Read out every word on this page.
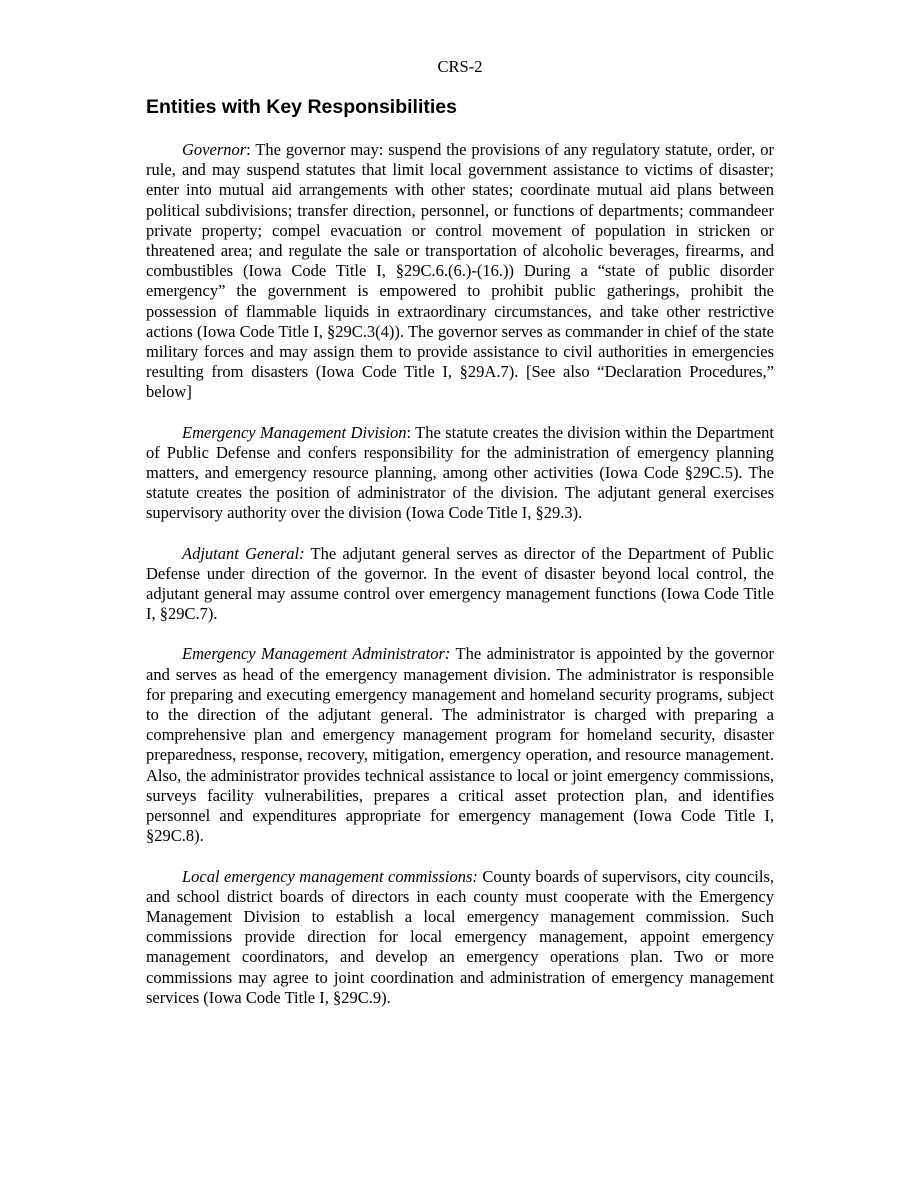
CRS-2
Entities with Key Responsibilities

Governor: The governor may: suspend the provisions of any regulatory statute, order, or rule, and may suspend statutes that limit local government assistance to victims of disaster; enter into mutual aid arrangements with other states; coordinate mutual aid plans between political subdivisions; transfer direction, personnel, or functions of departments; commandeer private property; compel evacuation or control movement of population in stricken or threatened area; and regulate the sale or transportation of alcoholic beverages, firearms, and combustibles (Iowa Code Title I, §29C.6.(6.)-(16.)) During a “state of public disorder emergency” the government is empowered to prohibit public gatherings, prohibit the possession of flammable liquids in extraordinary circumstances, and take other restrictive actions (Iowa Code Title I, §29C.3(4)). The governor serves as commander in chief of the state military forces and may assign them to provide assistance to civil authorities in emergencies resulting from disasters (Iowa Code Title I, §29A.7). [See also “Declaration Procedures,” below]

Emergency Management Division: The statute creates the division within the Department of Public Defense and confers responsibility for the administration of emergency planning matters, and emergency resource planning, among other activities (Iowa Code §29C.5). The statute creates the position of administrator of the division. The adjutant general exercises supervisory authority over the division (Iowa Code Title I, §29.3).

Adjutant General: The adjutant general serves as director of the Department of Public Defense under direction of the governor. In the event of disaster beyond local control, the adjutant general may assume control over emergency management functions (Iowa Code Title I, §29C.7).

Emergency Management Administrator: The administrator is appointed by the governor and serves as head of the emergency management division. The administrator is responsible for preparing and executing emergency management and homeland security programs, subject to the direction of the adjutant general. The administrator is charged with preparing a comprehensive plan and emergency management program for homeland security, disaster preparedness, response, recovery, mitigation, emergency operation, and resource management. Also, the administrator provides technical assistance to local or joint emergency commissions, surveys facility vulnerabilities, prepares a critical asset protection plan, and identifies personnel and expenditures appropriate for emergency management (Iowa Code Title I, §29C.8).

Local emergency management commissions: County boards of supervisors, city councils, and school district boards of directors in each county must cooperate with the Emergency Management Division to establish a local emergency management commission. Such commissions provide direction for local emergency management, appoint emergency management coordinators, and develop an emergency operations plan. Two or more commissions may agree to joint coordination and administration of emergency management services (Iowa Code Title I, §29C.9).
